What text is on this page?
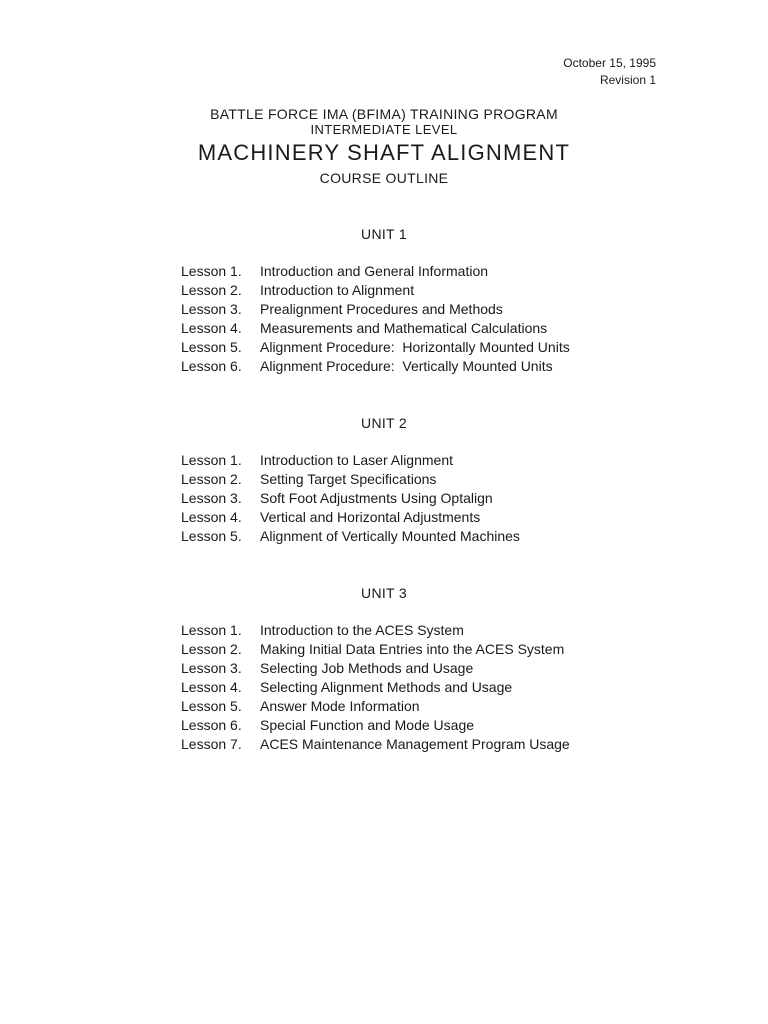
October 15, 1995
Revision 1
BATTLE FORCE IMA (BFIMA) TRAINING PROGRAM
INTERMEDIATE LEVEL
MACHINERY SHAFT ALIGNMENT
COURSE OUTLINE
UNIT 1
Lesson 1.	Introduction and General Information
Lesson 2.	Introduction to Alignment
Lesson 3.	Prealignment Procedures and Methods
Lesson 4.	Measurements and Mathematical Calculations
Lesson 5.	Alignment Procedure:  Horizontally Mounted Units
Lesson 6.	Alignment Procedure:  Vertically Mounted Units
UNIT 2
Lesson 1.	Introduction to Laser Alignment
Lesson 2.	Setting Target Specifications
Lesson 3.	Soft Foot Adjustments Using Optalign
Lesson 4.	Vertical and Horizontal Adjustments
Lesson 5.	Alignment of Vertically Mounted Machines
UNIT 3
Lesson 1.	Introduction to the ACES System
Lesson 2.	Making Initial Data Entries into the ACES System
Lesson 3.	Selecting Job Methods and Usage
Lesson 4.	Selecting Alignment Methods and Usage
Lesson 5.	Answer Mode Information
Lesson 6.	Special Function and Mode Usage
Lesson 7.	ACES Maintenance Management Program Usage
